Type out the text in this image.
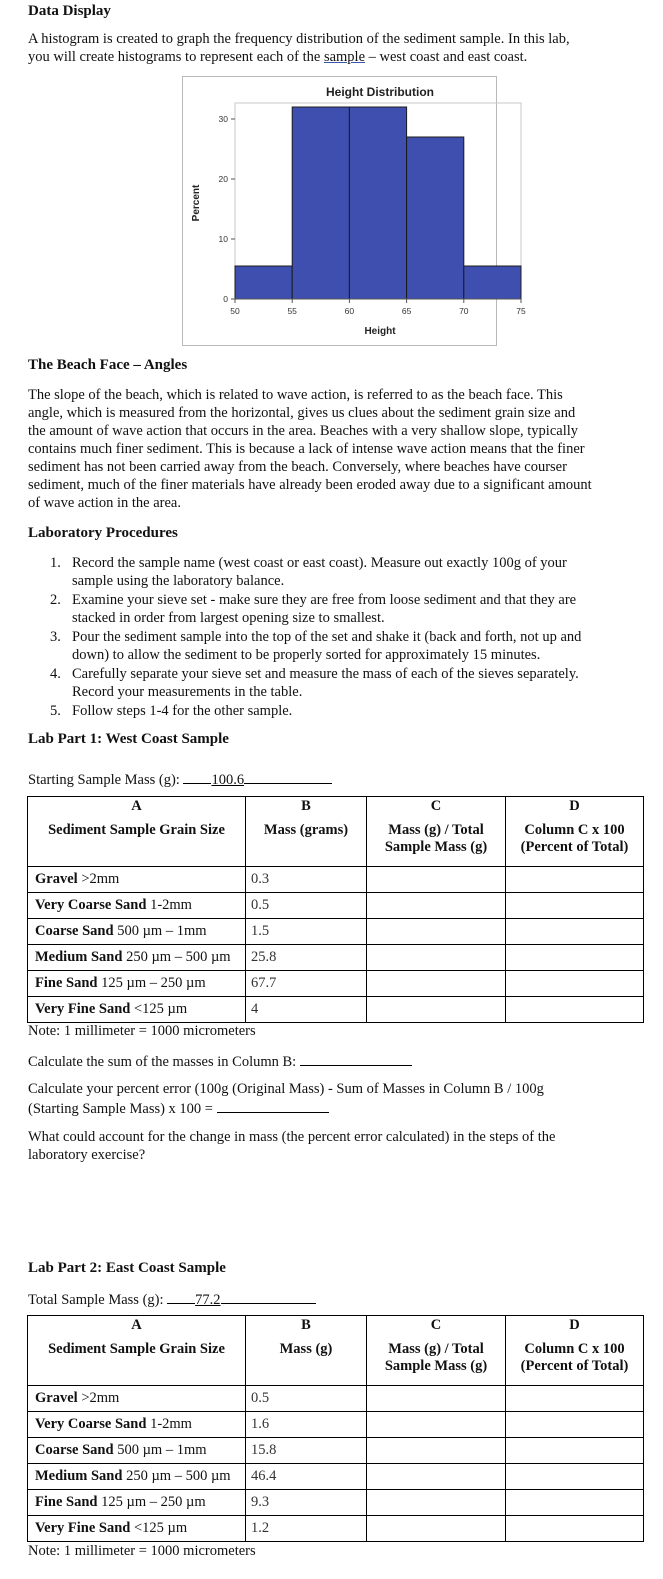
Data Display
A histogram is created to graph the frequency distribution of the sediment sample. In this lab,
you will create histograms to represent each of the sample – west coast and east coast.
Height Distribution
50	55	60	65	70	75
0
10
20
30
Height
Percent
The Beach Face – Angles
The slope of the beach, which is related to wave action, is referred to as the beach face. This
angle, which is measured from the horizontal, gives us clues about the sediment grain size and
the amount of wave action that occurs in the area. Beaches with a very shallow slope, typically
contains much finer sediment. This is because a lack of intense wave action means that the finer
sediment has not been carried away from the beach. Conversely, where beaches have courser
sediment, much of the finer materials have already been eroded away due to a significant amount
of wave action in the area.
Laboratory Procedures
1. Record the sample name (west coast or east coast). Measure out exactly 100g of your
sample using the laboratory balance.
2. Examine your sieve set - make sure they are free from loose sediment and that they are
stacked in order from largest opening size to smallest.
3. Pour the sediment sample into the top of the set and shake it (back and forth, not up and
down) to allow the sediment to be properly sorted for approximately 15 minutes.
4. Carefully separate your sieve set and measure the mass of each of the sieves separately.
Record your measurements in the table.
5. Follow steps 1-4 for the other sample.
Lab Part 1: West Coast Sample
Starting Sample Mass (g): 100.6
A	B	C	D
Sediment Sample Grain Size	Mass (grams)	Mass (g) / Total Sample Mass (g)	Column C x 100 (Percent of Total)
Gravel >2mm	0.3		
Very Coarse Sand 1-2mm	0.5		
Coarse Sand 500 µm – 1mm	1.5		
Medium Sand 250 µm – 500 µm	25.8		
Fine Sand 125 µm – 250 µm	67.7		
Very Fine Sand <125 µm	4		
Note: 1 millimeter = 1000 micrometers
Calculate the sum of the masses in Column B:
Calculate your percent error (100g (Original Mass) - Sum of Masses in Column B / 100g
(Starting Sample Mass) x 100 =
What could account for the change in mass (the percent error calculated) in the steps of the
laboratory exercise?
Lab Part 2: East Coast Sample
Total Sample Mass (g): 77.2
A	B	C	D
Sediment Sample Grain Size	Mass (g)	Mass (g) / Total Sample Mass (g)	Column C x 100 (Percent of Total)
Gravel >2mm	0.5		
Very Coarse Sand 1-2mm	1.6		
Coarse Sand 500 µm – 1mm	15.8		
Medium Sand 250 µm – 500 µm	46.4		
Fine Sand 125 µm – 250 µm	9.3		
Very Fine Sand <125 µm	1.2		
Note: 1 millimeter = 1000 micrometers
